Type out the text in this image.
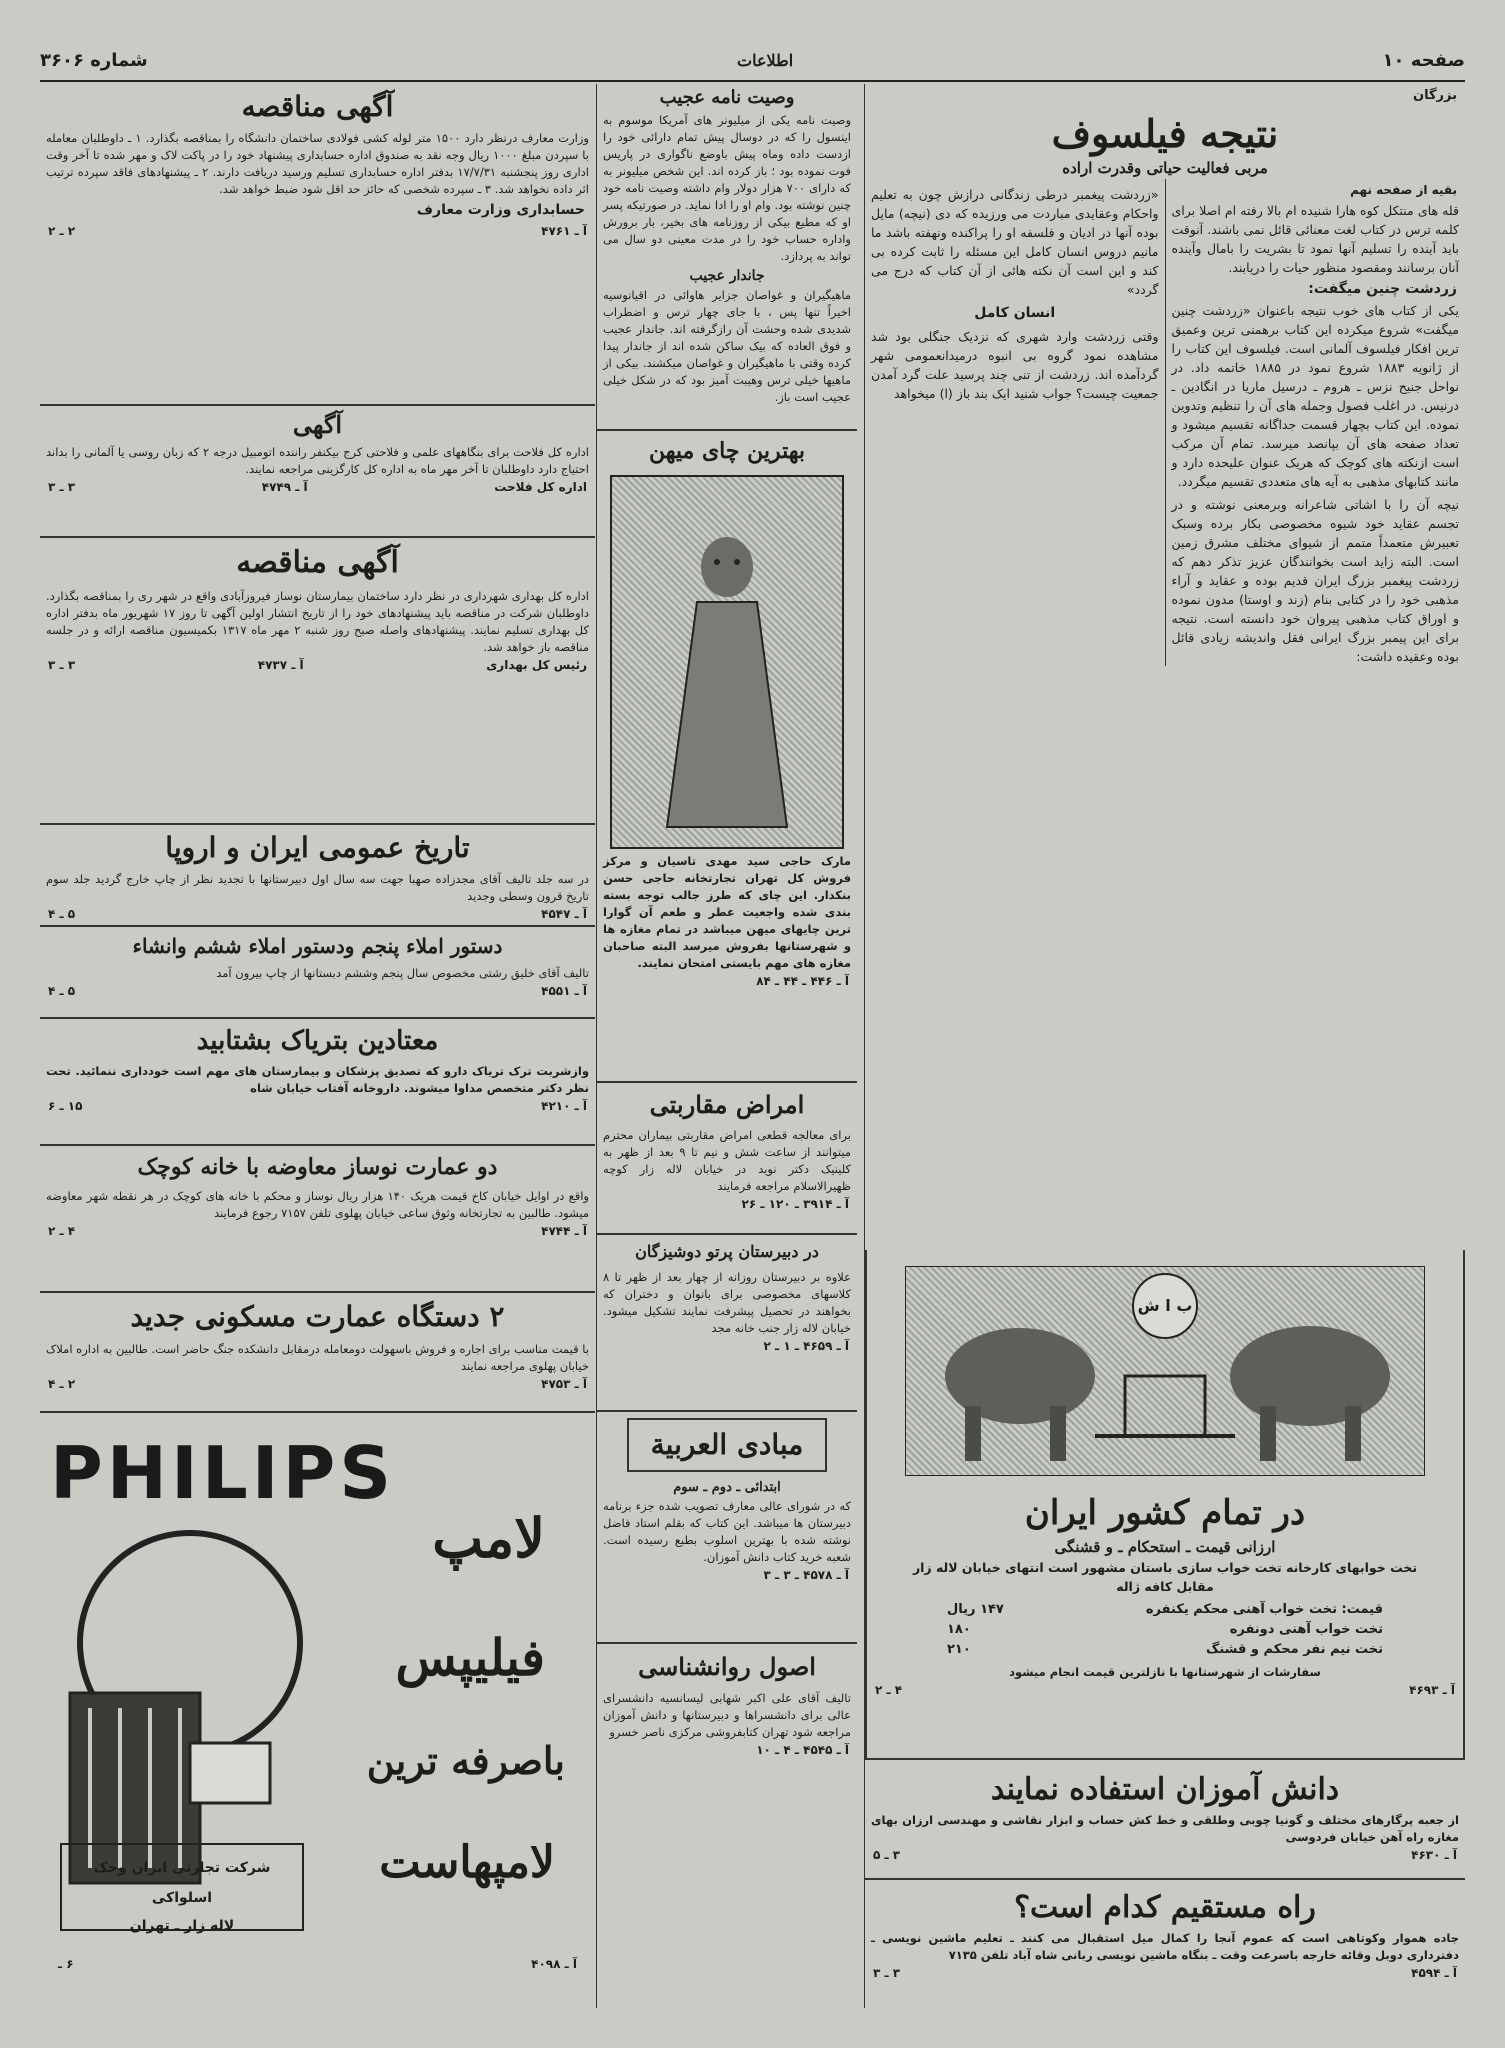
صفحه ۱۰
اطلاعات
شماره ۳۶۰۶
بزرگان
نتیجه فیلسوف
مربی فعالیت حیاتی وقدرت اراده
بقیه از صفحه نهم
قله های منتکل کوه هارا شنیده ام بالا رفته ام اصلا برای کلمه ترس در کتاب لغت معنائی قائل نمی باشند. آنوقت باید آینده را تسلیم آنها نمود تا بشریت را بامال وآینده آنان برسانند ومقصود منظور حیات را دریابند.
زردشت چنین میگفت:
یکی از کتاب های خوب نتیجه باعنوان «زردشت چنین میگفت» شروع میکرده این کتاب برهمنی ترین وعمیق ترین افکار فیلسوف آلمانی است. فیلسوف این کتاب را از ژانویه ۱۸۸۳ شروع نمود در ۱۸۸۵ خاتمه داد. در نواحل جنیح نزس ـ هروم ـ درسیل ماریا در انگادین ـ درنیس. در اغلب فصول وجمله های آن را تنظیم وتدوین نموده. این کتاب بچهار قسمت جداگانه تقسیم میشود و تعداد صفحه های آن بپانصد میرسد. تمام آن مرکب است ازنکته های کوچک که هریک عنوان علیحده دارد و مانند کتابهای مذهبی به آیه های متعددی تقسیم میگردد.
نیچه آن را با اشاتی شاعرانه وبرمعنی نوشته و در تجسم عقاید خود شیوه مخصوصی بکار برده وسبک تعبیرش متعمداً متمم از شیوای مختلف مشرق زمین است. البته زاید است بخوانندگان عزیز تذکر دهم که زردشت پیغمبر بزرگ ایران قدیم بوده و عقاید و آراء مذهبی خود را در کتابی بنام (زند و اوستا) مدون نموده و اوراق کتاب مذهبی پیروان خود دانسته است. نتیجه برای این پیمبر بزرگ ایرانی فقل واندیشه زیادی قائل بوده وعقیده داشت:
«زردشت پیغمبر درطی زندگانی درازش چون به تعلیم واحکام وعقایدی مباردت می ورزیده که دی (نیچه) مایل بوده آنها در ادیان و فلسفه او را پراکنده ونهفته باشد ما مانیم دروس انسان کامل این مسئله را ثابت کرده بی کند و این است آن نکته هائی از آن کتاب که درج می گردد»
انسان کامل
وقتی زردشت وارد شهری که نزدیک جنگلی بود شد مشاهده نمود گروه بی انبوه درمیدانعمومی شهر گردآمده اند. زردشت از تنی چند پرسید علت گرد آمدن جمعیت چیست؟ جواب شنید ایک بند باز (ا) میخواهد
ب ا ش
در تمام کشور ایران
ارزانی قیمت ـ استحکام ـ و قشنگی
تخت خوابهای کارخانه تخت خواب سازی باستان مشهور است انتهای خیابان لاله زار مقابل کافه ژاله
قیمت: تخت خواب آهنی محکم یکنفره
۱۴۷ ریال
تخت خواب آهنی دونفره
۱۸۰
تخت نیم نفر محکم و قشنگ
۲۱۰
سفارشات از شهرستانها با نازلترین قیمت انجام میشود
آ ـ ۴۶۹۳
۴ ـ ۲
دانش آموزان استفاده نمایند
از جعبه پرگارهای مختلف و گونیا چوبی وطلقی و خط کش حساب و ابزار نقاشی و مهندسی ارزان بهای مغازه راه آهن خیابان فردوسی
آ ـ ۴۶۳۰
۳ ـ ۵
راه مستقیم کدام است؟
جاده هموار وکوتاهی است که عموم آنجا را کمال میل استقبال می کنند ـ تعلیم ماشین نویسی ـ دفترداری دوبل وقائه خارجه باسرعت وقت ـ بنگاه ماشین نویسی ربانی شاه آباد تلفن ۷۱۳۵
آ ـ ۴۵۹۴
۳ ـ ۳
وصیت نامه عجیب
وصیت نامه یکی از میلیونر های آمریکا موسوم به اینسول را که در دوسال پیش تمام دارائی خود را ازدست داده وماه پیش باوضع ناگواری در پاریس فوت نموده بود ؛ باز کرده اند. این شخص میلیونر به که دارای ۷۰۰ هزار دولار وام داشته وصیت نامه خود چنین نوشته بود. وام او را ادا نماید. در صورتیکه پسر او که مطیع بیکی از روزنامه های بخیر، بار برورش واداره حساب خود را در مدت معینی دو سال می تواند به پردازد.
جاندار عجیب
ماهیگیران و غواصان جزایر هاوائی در اقیانوسیه اخیراً تنها پس ، با جای چهار ترس و اضطراب شدیدی شده وحشت آن رازگرفته اند. جاندار عجیب و فوق العاده که بیک ساکن شده اند از جاندار پیدا کرده وقتی با ماهیگیران و غواصان میکشند. بیکی از ماهیها خیلی ترس وهیبت آمیز بود که در شکل خیلی عجیب است باز.
بهترین چای میهن
مارک حاجی سید مهدی تاسیان و مرکز فروش کل تهران تجارتخانه حاجی حسن بنکدار. این چای که طرز جالب توجه بسته بندی شده واجعیت عطر و طعم آن گوارا ترین چایهای میهن میباشد در تمام مغازه ها و شهرستانها بفروش میرسد البته صاحبان مغازه های مهم بایستی امتحان نمایند.
آ ـ ۴۴۶ ـ ۴۴ ـ ۸۴
امراض مقاربتی
برای معالجه قطعی امراض مقاربتی بیماران محترم میتوانند از ساعت شش و نیم تا ۹ بعد از ظهر به کلینیک دکتر نوید در خیابان لاله زار کوچه ظهیرالاسلام مراجعه فرمایند
آ ـ ۳۹۱۴ ـ ۱۲۰ ـ ۲۶
در دبیرستان پرتو دوشیزگان
علاوه بر دبیرستان روزانه از چهار بعد از ظهر تا ۸ کلاسهای مخصوصی برای بانوان و دختران که بخواهند در تحصیل پیشرفت نمایند تشکیل میشود. خیابان لاله زار جنب خانه مجد
آ ـ ۴۶۵۹ ـ ۱ ـ ۲
مبادی العربیة
ابتدائی ـ دوم ـ سوم
که در شورای عالی معارف تصویب شده جزء برنامه دبیرستان ها میباشد. این کتاب که بقلم استاد فاضل نوشته شده با بهترین اسلوب بطبع رسیده است. شعبه خرید کتاب دانش آموزان.
آ ـ ۴۵۷۸ ـ ۳ ـ ۳
اصول روانشناسی
تالیف آقای علی اکبر شهابی لیسانسیه دانشسرای عالی برای دانشسراها و دبیرستانها و دانش آموزان مراجعه شود تهران کتابفروشی مرکزی ناصر خسرو
آ ـ ۴۵۴۵ ـ ۴ ـ ۱۰
آگهی مناقصه
وزارت معارف درنظر دارد ۱۵۰۰ متر لوله کشی فولادی ساختمان دانشگاه را بمناقصه بگذارد. ۱ ـ داوطلبان معامله با سپردن مبلغ ۱۰۰۰ ریال وجه نقد به صندوق اداره حسابداری پیشنهاد خود را در پاکت لاک و مهر شده تا آخر وقت اداری روز پنجشنبه ۱۷/۷/۳۱ بدفتر اداره حسابداری تسلیم ورسید دریافت دارند. ۲ ـ پیشنهادهای فاقد سپرده ترتیب اثر داده نخواهد شد. ۳ ـ سپرده شخصی که حائز حد اقل شود ضبط خواهد شد.
حسابداری وزارت معارف
آ ـ ۴۷۶۱
۲ ـ ۲
آگهی
اداره کل فلاحت برای بنگاههای علمی و فلاحتی کرج بیکنفر راننده اتومبیل درجه ۲ که زبان روسی یا آلمانی را بداند احتیاج دارد داوطلبان تا آخر مهر ماه به اداره کل کارگزینی مراجعه نمایند.
اداره کل فلاحت
آ ـ ۴۷۴۹
۳ ـ ۳
آگهی مناقصه
اداره کل بهداری شهرداری در نظر دارد ساختمان بیمارستان نوساز فیروزآبادی واقع در شهر ری را بمناقصه بگذارد. داوطلبان شرکت در مناقصه باید پیشنهادهای خود را از تاریخ انتشار اولین آگهی تا روز ۱۷ شهریور ماه بدفتر اداره کل بهداری تسلیم نمایند. پیشنهادهای واصله صبح روز شنبه ۲ مهر ماه ۱۳۱۷ بکمیسیون مناقصه ارائه و در جلسه مناقصه باز خواهد شد.
رئیس کل بهداری
آ ـ ۴۷۳۷
۳ ـ ۳
تاریخ عمومی ایران و اروپا
در سه جلد تالیف آقای مجدزاده صهبا جهت سه سال اول دبیرستانها با تجدید نظر از چاپ خارج گردید جلد سوم تاریخ قرون وسطی وجدید
آ ـ ۴۵۴۷
۵ ـ ۴
دستور املاء پنجم ودستور املاء ششم وانشاء
تالیف آقای خلیق رشتی مخصوص سال پنجم وششم دبستانها از چاپ بیرون آمد
آ ـ ۴۵۵۱
۵ ـ ۴
معتادین بتریاک بشتابید
وازشربت ترک تریاک دارو که تصدیق پزشکان و بیمارستان های مهم است خودداری ننمائید. تحت نظر دکتر متخصص مداوا میشوند. داروخانه آفتاب خیابان شاه
آ ـ ۴۲۱۰
۱۵ ـ ۶
دو عمارت نوساز معاوضه با خانه کوچک
واقع در اوایل خیابان کاخ قیمت هریک ۱۴۰ هزار ریال نوساز و محکم با خانه های کوچک در هر نقطه شهر معاوضه میشود. طالبین به تجارتخانه وثوق ساعی خیابان پهلوی تلفن ۷۱۵۷ رجوع فرمایند
آ ـ ۴۷۴۴
۴ ـ ۲
۲ دستگاه عمارت مسکونی جدید
با قیمت مناسب برای اجاره و فروش باسهولت دومعامله درمقابل دانشکده جنگ حاضر است. طالبین به اداره املاک خیابان پهلوی مراجعه نمایند
آ ـ ۴۷۵۳
۲ ـ ۴
PHILIPS
لامپ
فیلیپس
باصرفه ترین
لامپهاست
شرکت تجارتی ایران وحک اسلواکی
لاله زار ـ تهران
آ ـ ۴۰۹۸
۶ ـ
